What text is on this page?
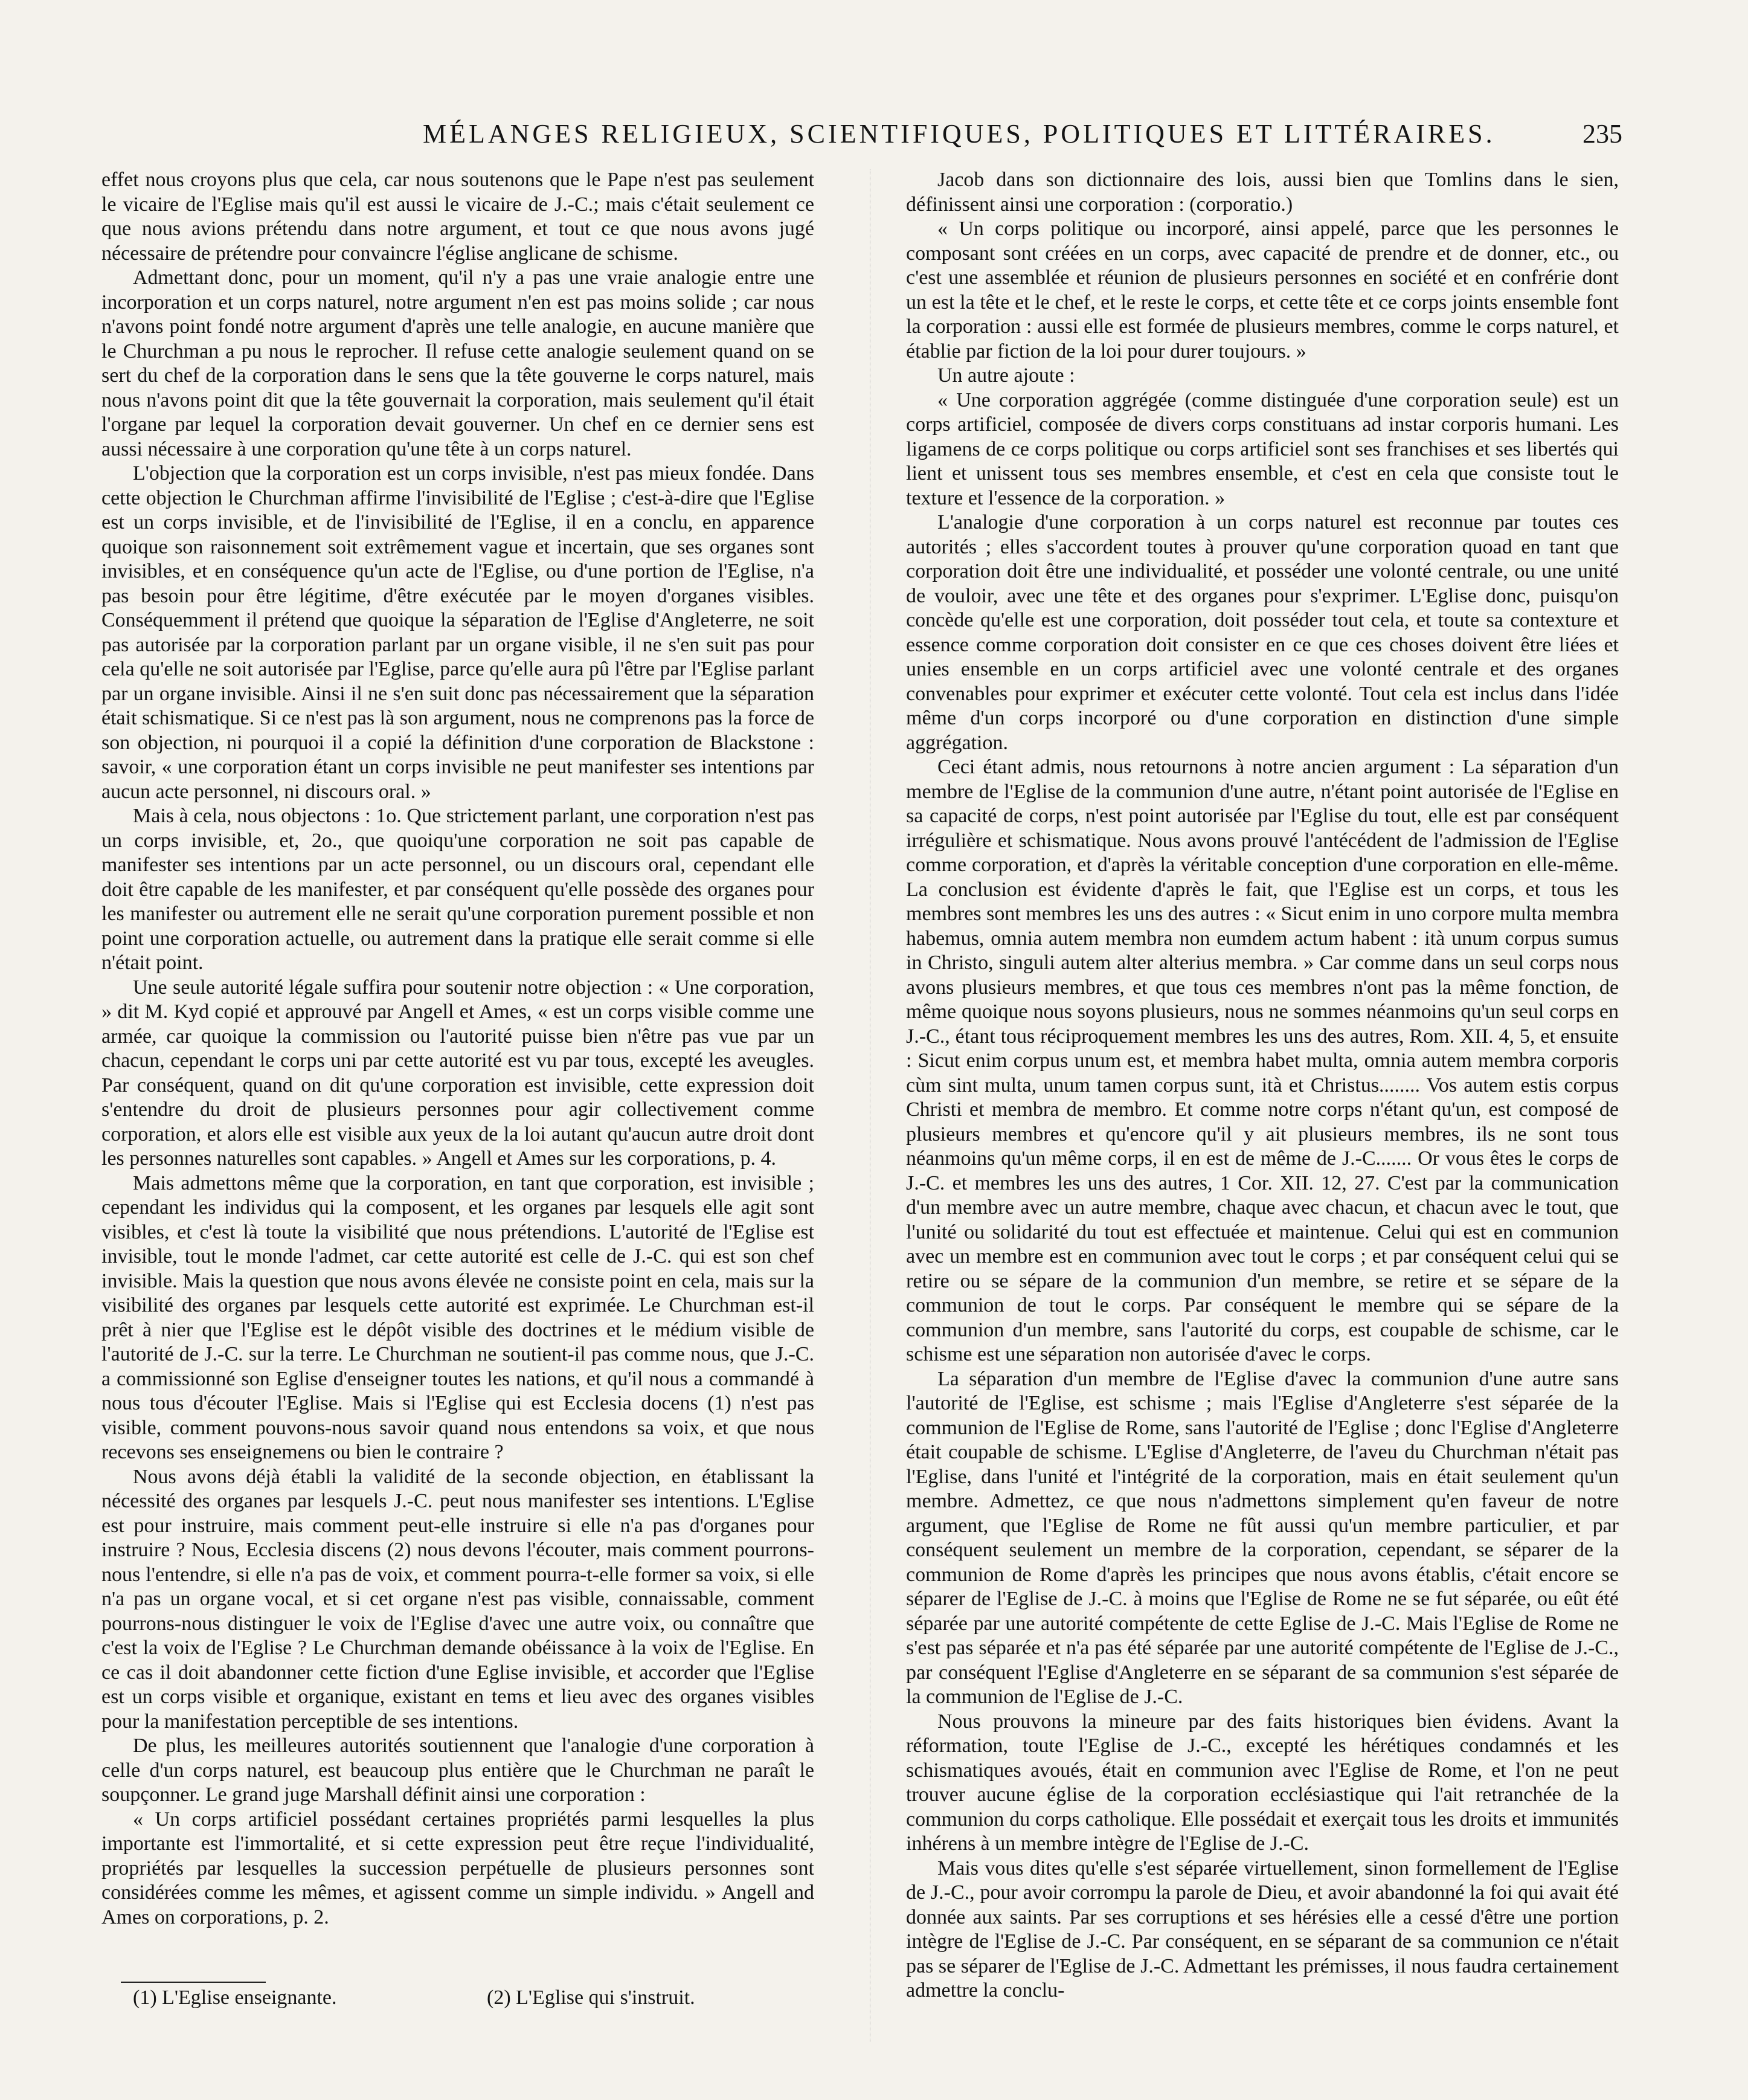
MÉLANGES RELIGIEUX, SCIENTIFIQUES, POLITIQUES ET LITTÉRAIRES.	235

effet nous croyons plus que cela, car nous soutenons que le Pape n'est pas seulement le vicaire de l'Eglise mais qu'il est aussi le vicaire de J.-C.; mais c'était seulement ce que nous avions prétendu dans notre argument, et tout ce que nous avons jugé nécessaire de prétendre pour convaincre l'église anglicane de schisme.

Admettant donc, pour un moment, qu'il n'y a pas une vraie analogie entre une incorporation et un corps naturel, notre argument n'en est pas moins solide ; car nous n'avons point fondé notre argument d'après une telle analogie, en aucune manière que le Churchman a pu nous le reprocher. Il refuse cette analogie seulement quand on se sert du chef de la corporation dans le sens que la tête gouverne le corps naturel, mais nous n'avons point dit que la tête gouvernait la corporation, mais seulement qu'il était l'organe par lequel la corporation devait gouverner. Un chef en ce dernier sens est aussi nécessaire à une corporation qu'une tête à un corps naturel.

L'objection que la corporation est un corps invisible, n'est pas mieux fondée. Dans cette objection le Churchman affirme l'invisibilité de l'Eglise ; c'est-à-dire que l'Eglise est un corps invisible, et de l'invisibilité de l'Eglise, il en a conclu, en apparence quoique son raisonnement soit extrêmement vague et incertain, que ses organes sont invisibles, et en conséquence qu'un acte de l'Eglise, ou d'une portion de l'Eglise, n'a pas besoin pour être légitime, d'être exécutée par le moyen d'organes visibles. Conséquemment il prétend que quoique la séparation de l'Eglise d'Angleterre, ne soit pas autorisée par la corporation parlant par un organe visible, il ne s'en suit pas pour cela qu'elle ne soit autorisée par l'Eglise, parce qu'elle aura pû l'être par l'Eglise parlant par un organe invisible. Ainsi il ne s'en suit donc pas nécessairement que la séparation était schismatique. Si ce n'est pas là son argument, nous ne comprenons pas la force de son objection, ni pourquoi il a copié la définition d'une corporation de Blackstone : savoir, « une corporation étant un corps invisible ne peut manifester ses intentions par aucun acte personnel, ni discours oral. »

Mais à cela, nous objectons : 1o. Que strictement parlant, une corporation n'est pas un corps invisible, et, 2o., que quoiqu'une corporation ne soit pas capable de manifester ses intentions par un acte personnel, ou un discours oral, cependant elle doit être capable de les manifester, et par conséquent qu'elle possède des organes pour les manifester ou autrement elle ne serait qu'une corporation purement possible et non point une corporation actuelle, ou autrement dans la pratique elle serait comme si elle n'était point.

Une seule autorité légale suffira pour soutenir notre objection : « Une corporation, » dit M. Kyd copié et approuvé par Angell et Ames, « est un corps visible comme une armée, car quoique la commission ou l'autorité puisse bien n'être pas vue par un chacun, cependant le corps uni par cette autorité est vu par tous, excepté les aveugles. Par conséquent, quand on dit qu'une corporation est invisible, cette expression doit s'entendre du droit de plusieurs personnes pour agir collectivement comme corporation, et alors elle est visible aux yeux de la loi autant qu'aucun autre droit dont les personnes naturelles sont capables. » Angell et Ames sur les corporations, p. 4.

Mais admettons même que la corporation, en tant que corporation, est invisible ; cependant les individus qui la composent, et les organes par lesquels elle agit sont visibles, et c'est là toute la visibilité que nous prétendions. L'autorité de l'Eglise est invisible, tout le monde l'admet, car cette autorité est celle de J.-C. qui est son chef invisible. Mais la question que nous avons élevée ne consiste point en cela, mais sur la visibilité des organes par lesquels cette autorité est exprimée. Le Churchman est-il prêt à nier que l'Eglise est le dépôt visible des doctrines et le médium visible de l'autorité de J.-C. sur la terre. Le Churchman ne soutient-il pas comme nous, que J.-C. a commissionné son Eglise d'enseigner toutes les nations, et qu'il nous a commandé à nous tous d'écouter l'Eglise. Mais si l'Eglise qui est Ecclesia docens (1) n'est pas visible, comment pouvons-nous savoir quand nous entendons sa voix, et que nous recevons ses enseignemens ou bien le contraire ?

Nous avons déjà établi la validité de la seconde objection, en établissant la nécessité des organes par lesquels J.-C. peut nous manifester ses intentions. L'Eglise est pour instruire, mais comment peut-elle instruire si elle n'a pas d'organes pour instruire ? Nous, Ecclesia discens (2) nous devons l'écouter, mais comment pourrons-nous l'entendre, si elle n'a pas de voix, et comment pourra-t-elle former sa voix, si elle n'a pas un organe vocal, et si cet organe n'est pas visible, connaissable, comment pourrons-nous distinguer le voix de l'Eglise d'avec une autre voix, ou connaître que c'est la voix de l'Eglise ? Le Churchman demande obéissance à la voix de l'Eglise. En ce cas il doit abandonner cette fiction d'une Eglise invisible, et accorder que l'Eglise est un corps visible et organique, existant en tems et lieu avec des organes visibles pour la manifestation perceptible de ses intentions.

De plus, les meilleures autorités soutiennent que l'analogie d'une corporation à celle d'un corps naturel, est beaucoup plus entière que le Churchman ne paraît le soupçonner. Le grand juge Marshall définit ainsi une corporation :

« Un corps artificiel possédant certaines propriétés parmi lesquelles la plus importante est l'immortalité, et si cette expression peut être reçue l'individualité, propriétés par lesquelles la succession perpétuelle de plusieurs personnes sont considérées comme les mêmes, et agissent comme un simple individu. » Angell and Ames on corporations, p. 2.

Jacob dans son dictionnaire des lois, aussi bien que Tomlins dans le sien, définissent ainsi une corporation : (corporatio.)

« Un corps politique ou incorporé, ainsi appelé, parce que les personnes le composant sont créées en un corps, avec capacité de prendre et de donner, etc., ou c'est une assemblée et réunion de plusieurs personnes en société et en confrérie dont un est la tête et le chef, et le reste le corps, et cette tête et ce corps joints ensemble font la corporation : aussi elle est formée de plusieurs membres, comme le corps naturel, et établie par fiction de la loi pour durer toujours. »

Un autre ajoute :

« Une corporation aggrégée (comme distinguée d'une corporation seule) est un corps artificiel, composée de divers corps constituans ad instar corporis humani. Les ligamens de ce corps politique ou corps artificiel sont ses franchises et ses libertés qui lient et unissent tous ses membres ensemble, et c'est en cela que consiste tout le texture et l'essence de la corporation. »

L'analogie d'une corporation à un corps naturel est reconnue par toutes ces autorités ; elles s'accordent toutes à prouver qu'une corporation quoad en tant que corporation doit être une individualité, et posséder une volonté centrale, ou une unité de vouloir, avec une tête et des organes pour s'exprimer. L'Eglise donc, puisqu'on concède qu'elle est une corporation, doit posséder tout cela, et toute sa contexture et essence comme corporation doit consister en ce que ces choses doivent être liées et unies ensemble en un corps artificiel avec une volonté centrale et des organes convenables pour exprimer et exécuter cette volonté. Tout cela est inclus dans l'idée même d'un corps incorporé ou d'une corporation en distinction d'une simple aggrégation.

Ceci étant admis, nous retournons à notre ancien argument : La séparation d'un membre de l'Eglise de la communion d'une autre, n'étant point autorisée de l'Eglise en sa capacité de corps, n'est point autorisée par l'Eglise du tout, elle est par conséquent irrégulière et schismatique. Nous avons prouvé l'antécédent de l'admission de l'Eglise comme corporation, et d'après la véritable conception d'une corporation en elle-même. La conclusion est évidente d'après le fait, que l'Eglise est un corps, et tous les membres sont membres les uns des autres : « Sicut enim in uno corpore multa membra habemus, omnia autem membra non eumdem actum habent : ità unum corpus sumus in Christo, singuli autem alter alterius membra. » Car comme dans un seul corps nous avons plusieurs membres, et que tous ces membres n'ont pas la même fonction, de même quoique nous soyons plusieurs, nous ne sommes néanmoins qu'un seul corps en J.-C., étant tous réciproquement membres les uns des autres, Rom. XII. 4, 5, et ensuite : Sicut enim corpus unum est, et membra habet multa, omnia autem membra corporis cùm sint multa, unum tamen corpus sunt, ità et Christus........ Vos autem estis corpus Christi et membra de membro. Et comme notre corps n'étant qu'un, est composé de plusieurs membres et qu'encore qu'il y ait plusieurs membres, ils ne sont tous néanmoins qu'un même corps, il en est de même de J.-C....... Or vous êtes le corps de J.-C. et membres les uns des autres, 1 Cor. XII. 12, 27. C'est par la communication d'un membre avec un autre membre, chaque avec chacun, et chacun avec le tout, que l'unité ou solidarité du tout est effectuée et maintenue. Celui qui est en communion avec un membre est en communion avec tout le corps ; et par conséquent celui qui se retire ou se sépare de la communion d'un membre, se retire et se sépare de la communion de tout le corps. Par conséquent le membre qui se sépare de la communion d'un membre, sans l'autorité du corps, est coupable de schisme, car le schisme est une séparation non autorisée d'avec le corps.

La séparation d'un membre de l'Eglise d'avec la communion d'une autre sans l'autorité de l'Eglise, est schisme ; mais l'Eglise d'Angleterre s'est séparée de la communion de l'Eglise de Rome, sans l'autorité de l'Eglise ; donc l'Eglise d'Angleterre était coupable de schisme. L'Eglise d'Angleterre, de l'aveu du Churchman n'était pas l'Eglise, dans l'unité et l'intégrité de la corporation, mais en était seulement qu'un membre. Admettez, ce que nous n'admettons simplement qu'en faveur de notre argument, que l'Eglise de Rome ne fût aussi qu'un membre particulier, et par conséquent seulement un membre de la corporation, cependant, se séparer de la communion de Rome d'après les principes que nous avons établis, c'était encore se séparer de l'Eglise de J.-C. à moins que l'Eglise de Rome ne se fut séparée, ou eût été séparée par une autorité compétente de cette Eglise de J.-C. Mais l'Eglise de Rome ne s'est pas séparée et n'a pas été séparée par une autorité compétente de l'Eglise de J.-C., par conséquent l'Eglise d'Angleterre en se séparant de sa communion s'est séparée de la communion de l'Eglise de J.-C.

Nous prouvons la mineure par des faits historiques bien évidens. Avant la réformation, toute l'Eglise de J.-C., excepté les hérétiques condamnés et les schismatiques avoués, était en communion avec l'Eglise de Rome, et l'on ne peut trouver aucune église de la corporation ecclésiastique qui l'ait retranchée de la communion du corps catholique. Elle possédait et exerçait tous les droits et immunités inhérens à un membre intègre de l'Eglise de J.-C.

Mais vous dites qu'elle s'est séparée virtuellement, sinon formellement de l'Eglise de J.-C., pour avoir corrompu la parole de Dieu, et avoir abandonné la foi qui avait été donnée aux saints. Par ses corruptions et ses hérésies elle a cessé d'être une portion intègre de l'Eglise de J.-C. Par conséquent, en se séparant de sa communion ce n'était pas se séparer de l'Eglise de J.-C. Admettant les prémisses, il nous faudra certainement admettre la conclu-

(1) L'Eglise enseignante.	(2) L'Eglise qui s'instruit.
